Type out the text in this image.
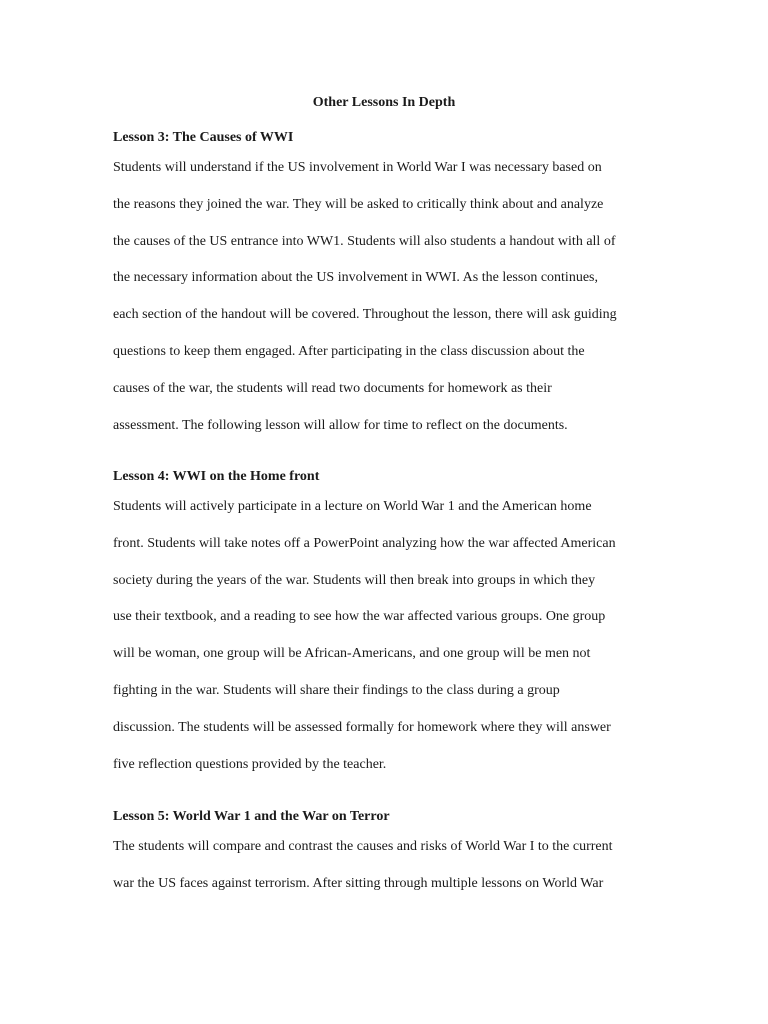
Other Lessons In Depth
Lesson 3: The Causes of WWI

Students will understand if the US involvement in World War I was necessary based on
the reasons they joined the war. They will be asked to critically think about and analyze
the causes of the US entrance into WW1. Students will also students a handout with all of
the necessary information about the US involvement in WWI. As the lesson continues,
each section of the handout will be covered. Throughout the lesson, there will ask guiding
questions to keep them engaged. After participating in the class discussion about the
causes of the war, the students will read two documents for homework as their
assessment. The following lesson will allow for time to reflect on the documents.

Lesson 4: WWI on the Home front

Students will actively participate in a lecture on World War 1 and the American home
front. Students will take notes off a PowerPoint analyzing how the war affected American
society during the years of the war. Students will then break into groups in which they
use their textbook, and a reading to see how the war affected various groups. One group
will be woman, one group will be African-Americans, and one group will be men not
fighting in the war. Students will share their findings to the class during a group
discussion. The students will be assessed formally for homework where they will answer
five reflection questions provided by the teacher.

Lesson 5: World War 1 and the War on Terror

The students will compare and contrast the causes and risks of World War I to the current
war the US faces against terrorism. After sitting through multiple lessons on World War
